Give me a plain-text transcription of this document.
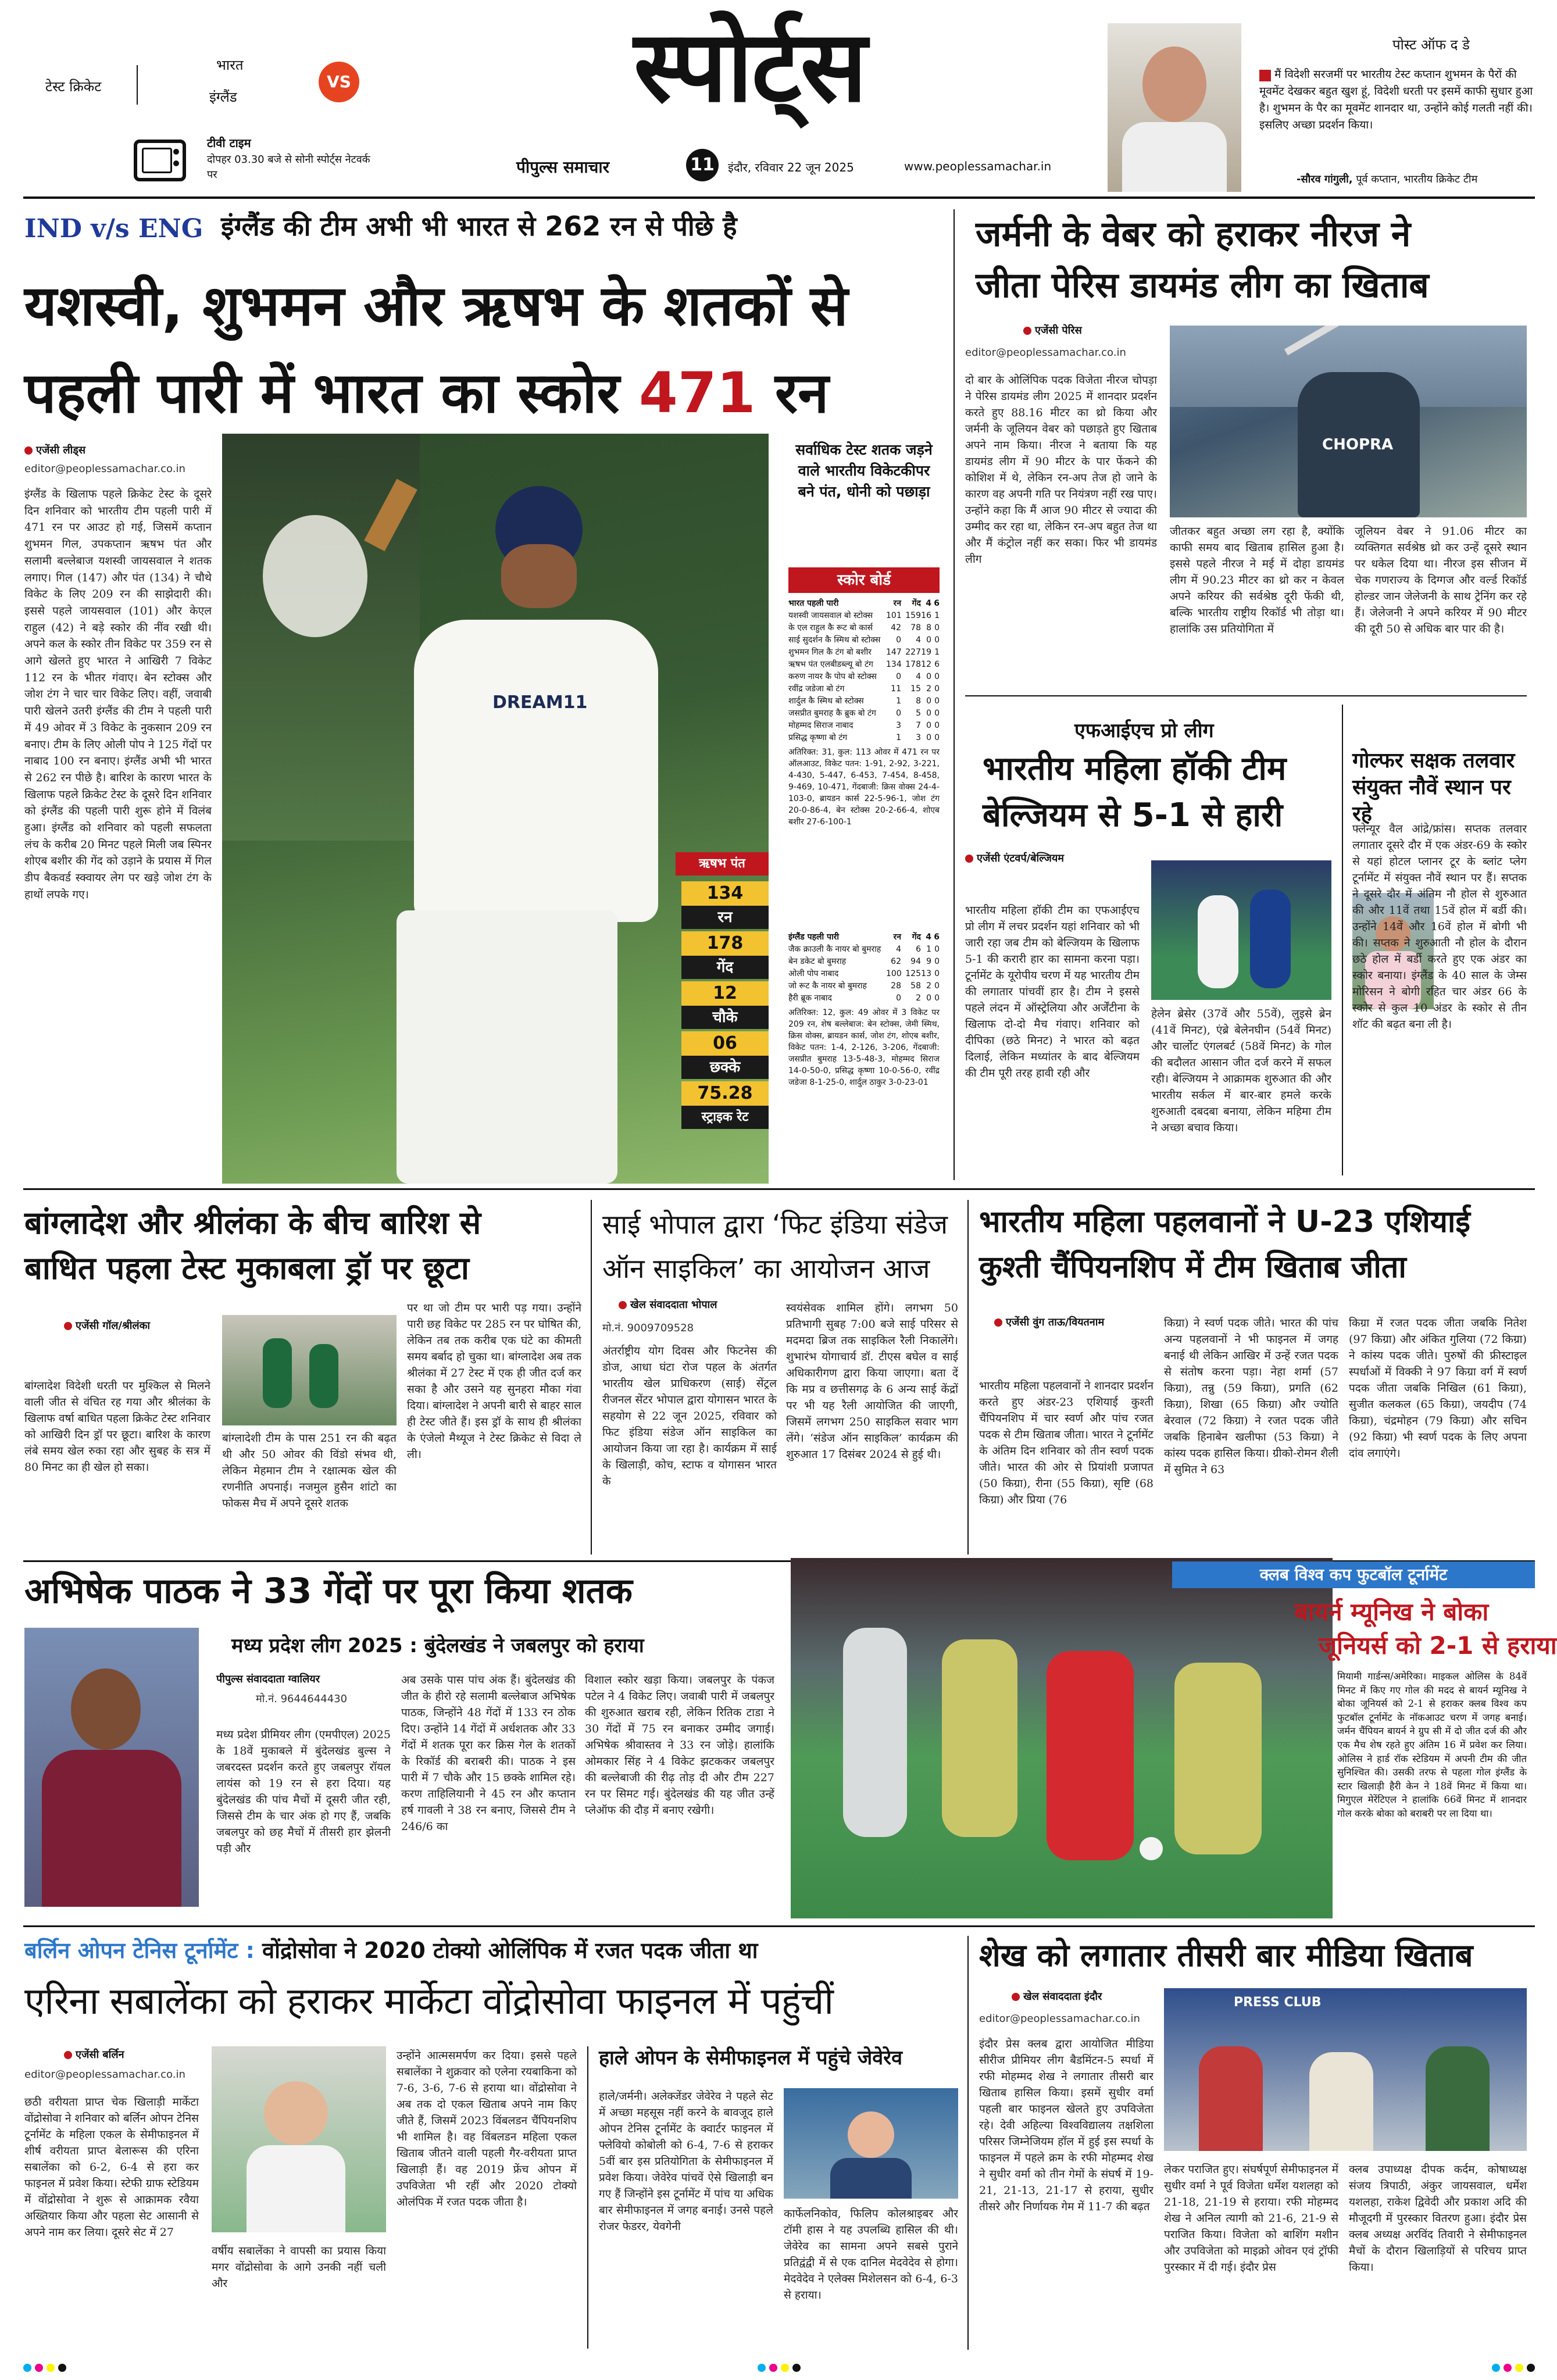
टेस्ट क्रिकेट
भारत
इंग्लैंड
VS
टीवी टाइम
दोपहर 03.30 बजे से सोनी स्पोर्ट्स नेटवर्क पर
स्पोर्ट्स
पीपुल्स समाचार	11	इंदौर, रविवार 22 जून 2025	www.peoplessamachar.in
पोस्ट ऑफ द डे
मैं विदेशी सरजमीं पर भारतीय टेस्ट कप्तान शुभमन के पैरों की मूवमेंट देखकर बहुत खुश हूं, विदेशी धरती पर इसमें काफी सुधार हुआ है। शुभमन के पैर का मूवमेंट शानदार था, उन्होंने कोई गलती नहीं की। इसलिए अच्छा प्रदर्शन किया।
-सौरव गांगुली, पूर्व कप्तान, भारतीय क्रिकेट टीम
IND v/s ENG इंग्लैंड की टीम अभी भी भारत से 262 रन से पीछे है
यशस्वी, शुभमन और ऋषभ के शतकों से
पहली पारी में भारत का स्कोर 471 रन
एजेंसी लीड्स
editor@peoplessamachar.co.in
इंग्लैंड के खिलाफ पहले क्रिकेट टेस्ट के दूसरे दिन शनिवार को भारतीय टीम पहली पारी में 471 रन पर आउट हो गई, जिसमें कप्तान शुभमन गिल, उपकप्तान ऋषभ पंत और सलामी बल्लेबाज यशस्वी जायसवाल ने शतक लगाए। गिल (147) और पंत (134) ने चौथे विकेट के लिए 209 रन की साझेदारी की। इससे पहले जायसवाल (101) और केएल राहुल (42) ने बड़े स्कोर की नींव रखी थी। अपने कल के स्कोर तीन विकेट पर 359 रन से आगे खेलते हुए भारत ने आखिरी 7 विकेट 112 रन के भीतर गंवाए। बेन स्टोक्स और जोश टंग ने चार चार विकेट लिए। वहीं, जवाबी पारी खेलने उतरी इंग्लैंड की टीम ने पहली पारी में 49 ओवर में 3 विकेट के नुकसान 209 रन बनाए। टीम के लिए ओली पोप ने 125 गेंदों पर नाबाद 100 रन बनाए। इंग्लैंड अभी भी भारत से 262 रन पीछे है। बारिश के कारण भारत के खिलाफ पहले क्रिकेट टेस्ट के दूसरे दिन शनिवार को इंग्लैंड की पहली पारी शुरू होने में विलंब हुआ। इंग्लैंड को शनिवार को पहली सफलता लंच के करीब 20 मिनट पहले मिली जब स्पिनर शोएब बशीर की गेंद को उड़ाने के प्रयास में गिल डीप बैकवर्ड स्क्वायर लेग पर खड़े जोश टंग के हाथों लपके गए।
DREAM11
ऋषभ पंत
134
रन
178
गेंद
12
चौके
06
छक्के
75.28
स्ट्राइक रेट
सर्वाधिक टेस्ट शतक जड़ने वाले भारतीय विकेटकीपर बने पंत, धोनी को पछाड़ा
स्कोर बोर्ड
भारत पहली पारी	रन	गेंद 4 6
यशस्वी जायसवाल बो स्टोक्स	101 159 16 1
के एल राहुल कै रूट बो कार्स	42	78 8 0
साई सुदर्शन कै स्मिथ बो स्टोक्स	0	4 0 0
शुभमन गिल कै टंग बो बशीर	147 227 19 1
ऋषभ पंत एलबीडब्ल्यू बो टंग	134 178 12 6
करुण नायर कै पोप बो स्टोक्स	0	4 0 0
रवींद्र जडेजा बो टंग	11	15 2 0
शार्दुल कै स्मिथ बो स्टोक्स	1	8 0 0
जसप्रीत बुमराह कै ब्रुक बो टंग	0	5 0 0
मोहम्मद सिराज नाबाद	3	7 0 0
प्रसिद्ध कृष्णा बो टंग	1	3 0 0
अतिरिक्त: 31, कुल: 113 ओवर में 471 रन पर ऑलआउट, विकेट पतन: 1-91, 2-92, 3-221, 4-430, 5-447, 6-453, 7-454, 8-458, 9-469, 10-471, गेंदबाजी: क्रिस वोक्स 24-4-103-0, ब्रायडन कार्स 22-5-96-1, जोश टंग 20-0-86-4, बेन स्टोक्स 20-2-66-4, शोएब बशीर 27-6-100-1
इंग्लैंड पहली पारी	रन	गेंद 4 6
जैक क्राउली कै नायर बो बुमराह	4	6 1 0
बेन डकेट बो बुमराह	62	94 9 0
ओली पोप नाबाद	100 125 13 0
जो रूट कै नायर बो बुमराह	28	58 2 0
हैरी ब्रूक नाबाद	0	2 0 0
अतिरिक्त: 12, कुल: 49 ओवर में 3 विकेट पर 209 रन, शेष बल्लेबाज: बेन स्टोक्स, जेमी स्मिथ, क्रिस वोक्स, ब्रायडन कार्स, जोश टंग, शोएब बशीर, विकेट पतन: 1-4, 2-126, 3-206, गेंदबाजी: जसप्रीत बुमराह 13-5-48-3, मोहम्मद सिराज 14-0-50-0, प्रसिद्ध कृष्णा 10-0-56-0, रवींद्र जडेजा 8-1-25-0, शार्दुल ठाकुर 3-0-23-01
जर्मनी के वेबर को हराकर नीरज ने
जीता पेरिस डायमंड लीग का खिताब
एजेंसी पेरिस
editor@peoplessamachar.co.in
दो बार के ओलिंपिक पदक विजेता नीरज चोपड़ा ने पेरिस डायमंड लीग 2025 में शानदार प्रदर्शन करते हुए 88.16 मीटर का थ्रो किया और जर्मनी के जूलियन वेबर को पछाड़ते हुए खिताब अपने नाम किया। नीरज ने बताया कि यह डायमंड लीग में 90 मीटर के पार फेंकने की कोशिश में थे, लेकिन रन-अप तेज हो जाने के कारण वह अपनी गति पर नियंत्रण नहीं रख पाए। उन्होंने कहा कि मैं आज 90 मीटर से ज्यादा की उम्मीद कर रहा था, लेकिन रन-अप बहुत तेज था और मैं कंट्रोल नहीं कर सका। फिर भी डायमंड लीग
CHOPRA
जीतकर बहुत अच्छा लग रहा है, क्योंकि काफी समय बाद खिताब हासिल हुआ है। इससे पहले नीरज ने मई में दोहा डायमंड लीग में 90.23 मीटर का थ्रो कर न केवल अपने करियर की सर्वश्रेष्ठ दूरी फेंकी थी, बल्कि भारतीय राष्ट्रीय रिकॉर्ड भी तोड़ा था। हालांकि उस प्रतियोगिता में
जूलियन वेबर ने 91.06 मीटर का व्यक्तिगत सर्वश्रेष्ठ थ्रो कर उन्हें दूसरे स्थान पर धकेल दिया था। नीरज इस सीजन में चेक गणराज्य के दिग्गज और वर्ल्ड रिकॉर्ड होल्डर जान जेलेजनी के साथ ट्रेनिंग कर रहे हैं। जेलेजनी ने अपने करियर में 90 मीटर की दूरी 50 से अधिक बार पार की है।
एफआईएच प्रो लीग
भारतीय महिला हॉकी टीम
बेल्जियम से 5-1 से हारी
एजेंसी एंटवर्प/बेल्जियम
भारतीय महिला हॉकी टीम का एफआईएच प्रो लीग में लचर प्रदर्शन यहां शनिवार को भी जारी रहा जब टीम को बेल्जियम के खिलाफ 5-1 की करारी हार का सामना करना पड़ा। टूर्नामेंट के यूरोपीय चरण में यह भारतीय टीम की लगातार पांचवीं हार है। टीम ने इससे पहले लंदन में ऑस्ट्रेलिया और अर्जेंटीना के खिलाफ दो-दो मैच गंवाए। शनिवार को दीपिका (छठे मिनट) ने भारत को बढ़त दिलाई, लेकिन मध्यांतर के बाद बेल्जियम की टीम पूरी तरह हावी रही और
हेलेन ब्रेसेर (37वें और 55वें), लुइसे ब्रेन (41वें मिनट), एंब्रे बेलेनघीन (54वें मिनट) और चार्लोट एंगलबर्ट (58वें मिनट) के गोल की बदौलत आसान जीत दर्ज करने में सफल रही। बेल्जियम ने आक्रामक शुरुआत की और भारतीय सर्कल में बार-बार हमले करके शुरुआती दबदबा बनाया, लेकिन महिमा टीम ने अच्छा बचाव किया।
गोल्फर सक्षक तलवार संयुक्त नौवें स्थान पर रहे
फ्लेन्यूर वैल आंद्रे/फ्रांस। सप्तक तलवार लगातार दूसरे दौर में एक अंडर-69 के स्कोर से यहां होटल प्लानर टूर के ब्लांट प्लेग टूर्नामेंट में संयुक्त नौवें स्थान पर हैं। सप्तक ने दूसरे दौर में अंतिम नौ होल से शुरुआत की और 11वें तथा 15वें होल में बर्डी की। उन्होंने 14वें और 16वें होल में बोगी भी की। सप्तक ने शुरुआती नौ होल के दौरान छठे होल में बर्डी करते हुए एक अंडर का स्कोर बनाया। इंग्लैंड के 40 साल के जेम्स मोरिसन ने बोगी रहित चार अंडर 66 के स्कोर से कुल 10 अंडर के स्कोर से तीन शॉट की बढ़त बना ली है।
बांग्लादेश और श्रीलंका के बीच बारिश से
बाधित पहला टेस्ट मुकाबला ड्रॉ पर छूटा
एजेंसी गॉल/श्रीलंका
बांग्लादेश विदेशी धरती पर मुश्किल से मिलने वाली जीत से वंचित रह गया और श्रीलंका के खिलाफ वर्षा बाधित पहला क्रिकेट टेस्ट शनिवार को आखिरी दिन ड्रॉ पर छूटा। बारिश के कारण लंबे समय खेल रुका रहा और सुबह के सत्र में 80 मिनट का ही खेल हो सका।
बांग्लादेशी टीम के पास 251 रन की बढ़त थी और 50 ओवर की विंडो संभव थी, लेकिन मेहमान टीम ने रक्षात्मक खेल की रणनीति अपनाई। नजमुल हुसैन शांटो का फोकस मैच में अपने दूसरे शतक
पर था जो टीम पर भारी पड़ गया। उन्होंने पारी छह विकेट पर 285 रन पर घोषित की, लेकिन तब तक करीब एक घंटे का कीमती समय बर्बाद हो चुका था। बांग्लादेश अब तक श्रीलंका में 27 टेस्ट में एक ही जीत दर्ज कर सका है और उसने यह सुनहरा मौका गंवा दिया। बांग्लादेश ने अपनी बारी से बाहर साल ही टेस्ट जीते हैं। इस ड्रॉ के साथ ही श्रीलंका के एंजेलो मैथ्यूज ने टेस्ट क्रिकेट से विदा ले ली।
साई भोपाल द्वारा ‘फिट इंडिया संडेज
ऑन साइकिल’ का आयोजन आज
खेल संवाददाता भोपाल
मो.नं. 9009709528
अंतर्राष्ट्रीय योग दिवस और फिटनेस की डोज, आधा घंटा रोज पहल के अंतर्गत भारतीय खेल प्राधिकरण (साई) सेंट्रल रीजनल सेंटर भोपाल द्वारा योगासन भारत के सहयोग से 22 जून 2025, रविवार को फिट इंडिया संडेज ऑन साइकिल का आयोजन किया जा रहा है। कार्यक्रम में साई के खिलाड़ी, कोच, स्टाफ व योगासन भारत के
स्वयंसेवक शामिल होंगे। लगभग 50 प्रतिभागी सुबह 7:00 बजे साई परिसर से मदमदा ब्रिज तक साइकिल रैली निकालेंगे। शुभारंभ योगाचार्य डॉ. टीएस बघेल व साई अधिकारीगण द्वारा किया जाएगा। बता दें कि मप्र व छत्तीसगढ़ के 6 अन्य साई केंद्रों पर भी यह रैली आयोजित की जाएगी, जिसमें लगभग 250 साइकिल सवार भाग लेंगे। ‘संडेज ऑन साइकिल’ कार्यक्रम की शुरुआत 17 दिसंबर 2024 से हुई थी।
भारतीय महिला पहलवानों ने U-23 एशियाई
कुश्ती चैंपियनशिप में टीम खिताब जीता
एजेंसी वुंग ताऊ/वियतनाम
भारतीय महिला पहलवानों ने शानदार प्रदर्शन करते हुए अंडर-23 एशियाई कुश्ती चैंपियनशिप में चार स्वर्ण और पांच रजत पदक से टीम खिताब जीता। भारत ने टूर्नामेंट के अंतिम दिन शनिवार को तीन स्वर्ण पदक जीते। भारत की ओर से प्रियांशी प्रजापत (50 किग्रा), रीना (55 किग्रा), सृष्टि (68 किग्रा) और प्रिया (76
किग्रा) ने स्वर्ण पदक जीते। भारत की पांच अन्य पहलवानों ने भी फाइनल में जगह बनाई थी लेकिन आखिर में उन्हें रजत पदक से संतोष करना पड़ा। नेहा शर्मा (57 किग्रा), तन्नु (59 किग्रा), प्रगति (62 किग्रा), शिखा (65 किग्रा) और ज्योति बेरवाल (72 किग्रा) ने रजत पदक जीते जबकि हिनाबेन खलीफा (53 किग्रा) ने कांस्य पदक हासिल किया। ग्रीको-रोमन शैली में सुमित ने 63
किग्रा में रजत पदक जीता जबकि नितेश (97 किग्रा) और अंकित गुलिया (72 किग्रा) ने कांस्य पदक जीते। पुरुषों की फ्रीस्टाइल स्पर्धाओं में विक्की ने 97 किग्रा वर्ग में स्वर्ण पदक जीता जबकि निखिल (61 किग्रा), सुजीत कलकल (65 किग्रा), जयदीप (74 किग्रा), चंद्रमोहन (79 किग्रा) और सचिन (92 किग्रा) भी स्वर्ण पदक के लिए अपना दांव लगाएंगे।
अभिषेक पाठक ने 33 गेंदों पर पूरा किया शतक
मध्य प्रदेश लीग 2025 : बुंदेलखंड ने जबलपुर को हराया
पीपुल्स संवाददाता ग्वालियर
मो.नं. 9644644430
मध्य प्रदेश प्रीमियर लीग (एमपीएल) 2025 के 18वें मुकाबले में बुंदेलखंड बुल्स ने जबरदस्त प्रदर्शन करते हुए जबलपुर रॉयल लायंस को 19 रन से हरा दिया। यह बुंदेलखंड की पांच मैचों में दूसरी जीत रही, जिससे टीम के चार अंक हो गए हैं, जबकि जबलपुर को छह मैचों में तीसरी हार झेलनी पड़ी और
अब उसके पास पांच अंक हैं। बुंदेलखंड की जीत के हीरो रहे सलामी बल्लेबाज अभिषेक पाठक, जिन्होंने 48 गेंदों में 133 रन ठोक दिए। उन्होंने 14 गेंदों में अर्धशतक और 33 गेंदों में शतक पूरा कर क्रिस गेल के शतकों के रिकॉर्ड की बराबरी की। पाठक ने इस पारी में 7 चौके और 15 छक्के शामिल रहे। करण ताहिलियानी ने 45 रन और कप्तान हर्ष गावली ने 38 रन बनाए, जिससे टीम ने 246/6 का
विशाल स्कोर खड़ा किया। जबलपुर के पंकज पटेल ने 4 विकेट लिए। जवाबी पारी में जबलपुर की शुरुआत खराब रही, लेकिन रितिक टाडा ने 30 गेंदों में 75 रन बनाकर उम्मीद जगाई। अभिषेक श्रीवास्तव ने 33 रन जोड़े। हालांकि ओमकार सिंह ने 4 विकेट झटककर जबलपुर की बल्लेबाजी की रीढ़ तोड़ दी और टीम 227 रन पर सिमट गई। बुंदेलखंड की यह जीत उन्हें प्लेऑफ की दौड़ में बनाए रखेगी।
क्लब विश्व कप फुटबॉल टूर्नामेंट
बायर्न म्यूनिख ने बोका
जूनियर्स को 2-1 से हराया
मियामी गार्डन्स/अमेरिका। माइकल ओलिस के 84वें मिनट में किए गए गोल की मदद से बायर्न म्यूनिख ने बोका जूनियर्स को 2-1 से हराकर क्लब विश्व कप फुटबॉल टूर्नामेंट के नॉकआउट चरण में जगह बनाई। जर्मन चैंपियन बायर्न ने ग्रुप सी में दो जीत दर्ज की और एक मैच शेष रहते हुए अंतिम 16 में प्रवेश कर लिया। ओलिस ने हार्ड रॉक स्टेडियम में अपनी टीम की जीत सुनिश्चित की। उसकी तरफ से पहला गोल इंग्लैंड के स्टार खिलाड़ी हैरी केन ने 18वें मिनट में किया था। मिगुएल मेरेंटिएल ने हालांकि 66वें मिनट में शानदार गोल करके बोका को बराबरी पर ला दिया था।
बर्लिन ओपन टेनिस टूर्नामेंट : वोंद्रोसोवा ने 2020 टोक्यो ओलिंपिक में रजत पदक जीता था
एरिना सबालेंका को हराकर मार्केटा वोंद्रोसोवा फाइनल में पहुंचीं
एजेंसी बर्लिन
editor@peoplessamachar.co.in
छठी वरीयता प्राप्त चेक खिलाड़ी मार्केटा वोंद्रोसोवा ने शनिवार को बर्लिन ओपन टेनिस टूर्नामेंट के महिला एकल के सेमीफाइनल में शीर्ष वरीयता प्राप्त बेलारूस की एरिना सबालेंका को 6-2, 6-4 से हरा कर फाइनल में प्रवेश किया। स्टेफी ग्राफ स्टेडियम में वोंद्रोसोवा ने शुरू से आक्रामक रवैया अख्तियार किया और पहला सेट आसानी से अपने नाम कर लिया। दूसरे सेट में 27
वर्षीय सबालेंका ने वापसी का प्रयास किया मगर वोंद्रोसोवा के आगे उनकी नहीं चली और
उन्होंने आत्मसमर्पण कर दिया। इससे पहले सबालेंका ने शुक्रवार को एलेना रयबाकिना को 7-6, 3-6, 7-6 से हराया था। वोंद्रोसोवा ने अब तक दो एकल खिताब अपने नाम किए जीते हैं, जिसमें 2023 विंबलडन चैंपियनशिप भी शामिल है। वह विंबलडन महिला एकल खिताब जीतने वाली पहली गैर-वरीयता प्राप्त खिलाड़ी हैं। वह 2019 फ्रेंच ओपन में उपविजेता भी रहीं और 2020 टोक्यो ओलंपिक में रजत पदक जीता है।
हाले ओपन के सेमीफाइनल में पहुंचे जेवेरेव
हाले/जर्मनी। अलेक्जेंडर जेवेरेव ने पहले सेट में अच्छा महसूस नहीं करने के बावजूद हाले ओपन टेनिस टूर्नामेंट के क्वार्टर फाइनल में फ्लेवियो कोबोली को 6-4, 7-6 से हराकर 5वीं बार इस प्रतियोगिता के सेमीफाइनल में प्रवेश किया। जेवेरेव पांचवें ऐसे खिलाड़ी बन गए हैं जिन्होंने इस टूर्नामेंट में पांच या अधिक बार सेमीफाइनल में जगह बनाई। उनसे पहले रोजर फेडरर, येवगेनी
कार्फेलनिकोव, फिलिप कोलश्राइबर और टॉमी हास ने यह उपलब्धि हासिल की थी। जेवेरेव का सामना अपने सबसे पुराने प्रतिद्वंद्वी में से एक दानिल मेदवेदेव से होगा। मेदवेदेव ने एलेक्स मिशेलसन को 6-4, 6-3 से हराया।
शेख को लगातार तीसरी बार मीडिया खिताब
खेल संवाददाता इंदौर
editor@peoplessamachar.co.in
इंदौर प्रेस क्लब द्वारा आयोजित मीडिया सीरीज प्रीमियर लीग बैडमिंटन-5 स्पर्धा में रफी मोहम्मद शेख ने लगातार तीसरी बार खिताब हासिल किया। इसमें सुधीर वर्मा पहली बार फाइनल खेलते हुए उपविजेता रहे। देवी अहिल्या विश्वविद्यालय तक्षशिला परिसर जिम्नेजियम हॉल में हुई इस स्पर्धा के फाइनल में पहले क्रम के रफी मोहम्मद शेख ने सुधीर वर्मा को तीन गेमों के संघर्ष में 19-21, 21-13, 21-17 से हराया, सुधीर तीसरे और निर्णायक गेम में 11-7 की बढ़त
PRESS CLUB
लेकर पराजित हुए। संघर्षपूर्ण सेमीफाइनल में सुधीर वर्मा ने पूर्व विजेता धर्मेश यशलहा को 21-18, 21-19 से हराया। रफी मोहम्मद शेख ने अनिल त्यागी को 21-6, 21-9 से पराजित किया। विजेता को बाशिंग मशीन और उपविजेता को माइक्रो ओवन एवं ट्रॉफी पुरस्कार में दी गई। इंदौर प्रेस
क्लब उपाध्यक्ष दीपक कर्दम, कोषाध्यक्ष संजय त्रिपाठी, अंकुर जायसवाल, धर्मेश यशलहा, राकेश द्विवेदी और प्रकाश अदि की मौजूदगी में पुरस्कार वितरण हुआ। इंदौर प्रेस क्लब अध्यक्ष अरविंद तिवारी ने सेमीफाइनल मैचों के दौरान खिलाड़ियों से परिचय प्राप्त किया।
